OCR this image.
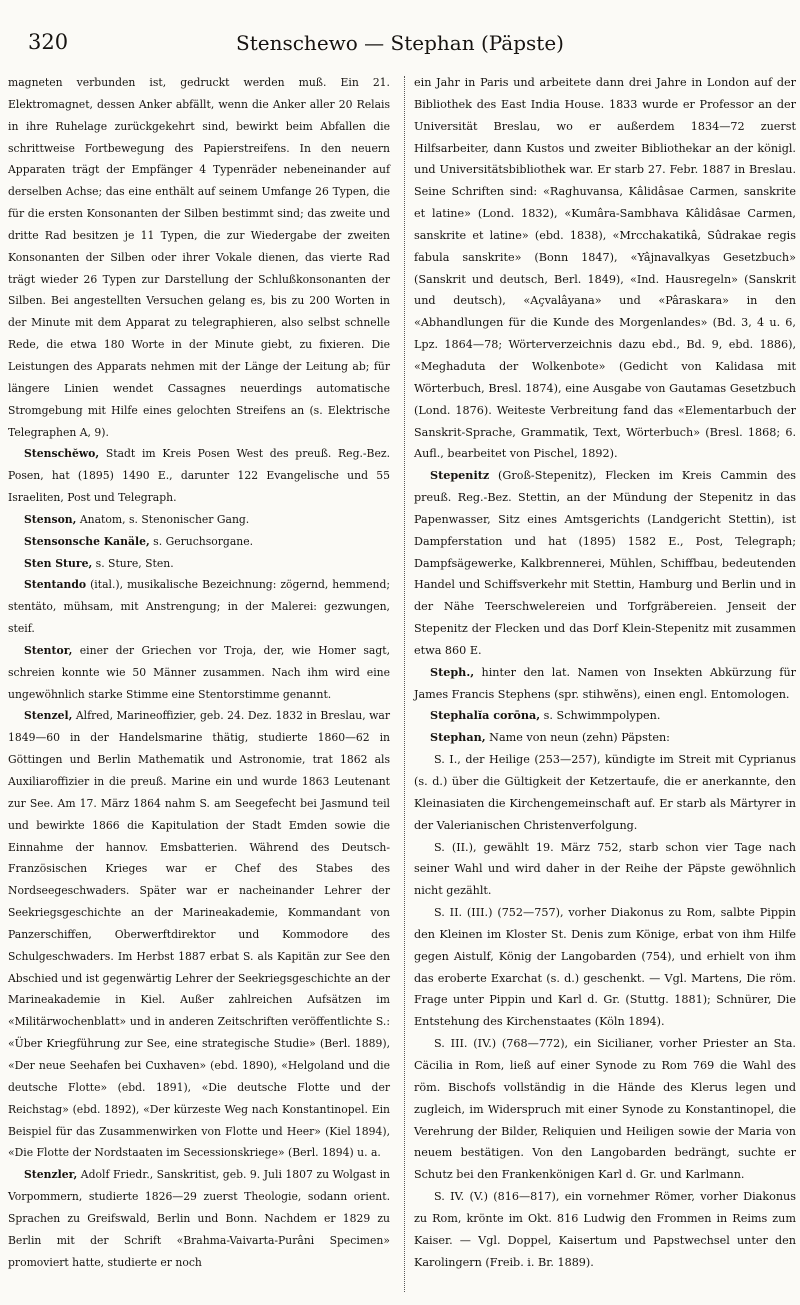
320	Stenschewo — Stephan (Päpste)

magneten verbunden ist, gedruckt werden muß. Ein 21. Elektromagnet, dessen Anker abfällt, wenn die Anker aller 20 Relais in ihre Ruhelage zurückgekehrt sind, bewirkt beim Abfallen die schrittweise Fortbewegung des Papierstreifens. In den neuern Apparaten trägt der Empfänger 4 Typenräder nebeneinander auf derselben Achse; das eine enthält auf seinem Umfange 26 Typen, die für die ersten Konsonanten der Silben bestimmt sind; das zweite und dritte Rad besitzen je 11 Typen, die zur Wiedergabe der zweiten Konsonanten der Silben oder ihrer Vokale dienen, das vierte Rad trägt wieder 26 Typen zur Darstellung der Schlußkonsonanten der Silben. Bei angestellten Versuchen gelang es, bis zu 200 Worten in der Minute mit dem Apparat zu telegraphieren, also selbst schnelle Rede, die etwa 180 Worte in der Minute giebt, zu fixieren. Die Leistungen des Apparats nehmen mit der Länge der Leitung ab; für längere Linien wendet Cassagnes neuerdings automatische Stromgebung mit Hilfe eines gelochten Streifens an (s. Elektrische Telegraphen A, 9).

Stenschĕwo, Stadt im Kreis Posen West des preuß. Reg.-Bez. Posen, hat (1895) 1490 E., darunter 122 Evangelische und 55 Israeliten, Post und Telegraph.

Stenson, Anatom, s. Stenonischer Gang.

Stensonsche Kanäle, s. Geruchsorgane.

Sten Sture, s. Sture, Sten.

Stentando (ital.), musikalische Bezeichnung: zögernd, hemmend; stentäto, mühsam, mit Anstrengung; in der Malerei: gezwungen, steif.

Stentor, einer der Griechen vor Troja, der, wie Homer sagt, schreien konnte wie 50 Männer zusammen. Nach ihm wird eine ungewöhnlich starke Stimme eine Stentorstimme genannt.

Stenzel, Alfred, Marineoffizier, geb. 24. Dez. 1832 in Breslau, war 1849—60 in der Handelsmarine thätig, studierte 1860—62 in Göttingen und Berlin Mathematik und Astronomie, trat 1862 als Auxiliaroffizier in die preuß. Marine ein und wurde 1863 Leutenant zur See. Am 17. März 1864 nahm S. am Seegefecht bei Jasmund teil und bewirkte 1866 die Kapitulation der Stadt Emden sowie die Einnahme der hannov. Emsbatterien. Während des Deutsch-Französischen Krieges war er Chef des Stabes des Nordseegeschwaders. Später war er nacheinander Lehrer der Seekriegsgeschichte an der Marineakademie, Kommandant von Panzerschiffen, Oberwerftdirektor und Kommodore des Schulgeschwaders. Im Herbst 1887 erbat S. als Kapitän zur See den Abschied und ist gegenwärtig Lehrer der Seekriegsgeschichte an der Marineakademie in Kiel. Außer zahlreichen Aufsätzen im «Militärwochenblatt» und in anderen Zeitschriften veröffentlichte S.: «Über Kriegführung zur See, eine strategische Studie» (Berl. 1889), «Der neue Seehafen bei Cuxhaven» (ebd. 1890), «Helgoland und die deutsche Flotte» (ebd. 1891), «Die deutsche Flotte und der Reichstag» (ebd. 1892), «Der kürzeste Weg nach Konstantinopel. Ein Beispiel für das Zusammenwirken von Flotte und Heer» (Kiel 1894), «Die Flotte der Nordstaaten im Secessionskriege» (Berl. 1894) u. a.

Stenzler, Adolf Friedr., Sanskritist, geb. 9. Juli 1807 zu Wolgast in Vorpommern, studierte 1826—29 zuerst Theologie, sodann orient. Sprachen zu Greifswald, Berlin und Bonn. Nachdem er 1829 zu Berlin mit der Schrift «Brahma-Vaivarta-Purâni Specimen» promoviert hatte, studierte er noch

ein Jahr in Paris und arbeitete dann drei Jahre in London auf der Bibliothek des East India House. 1833 wurde er Professor an der Universität Breslau, wo er außerdem 1834—72 zuerst Hilfsarbeiter, dann Kustos und zweiter Bibliothekar an der königl. und Universitätsbibliothek war. Er starb 27. Febr. 1887 in Breslau. Seine Schriften sind: «Raghuvansa, Kâlidâsae Carmen, sanskrite et latine» (Lond. 1832), «Kumâra-Sambhava Kâlidâsae Carmen, sanskrite et latine» (ebd. 1838), «Mrcchakatikâ, Sûdrakae regis fabula sanskrite» (Bonn 1847), «Yâjnavalkyas Gesetzbuch» (Sanskrit und deutsch, Berl. 1849), «Ind. Hausregeln» (Sanskrit und deutsch), «Açvalâyana» und «Pâraskara» in den «Abhandlungen für die Kunde des Morgenlandes» (Bd. 3, 4 u. 6, Lpz. 1864—78; Wörterverzeichnis dazu ebd., Bd. 9, ebd. 1886), «Meghaduta der Wolkenbote» (Gedicht von Kalidasa mit Wörterbuch, Bresl. 1874), eine Ausgabe von Gautamas Gesetzbuch (Lond. 1876). Weiteste Verbreitung fand das «Elementarbuch der Sanskrit-Sprache, Grammatik, Text, Wörterbuch» (Bresl. 1868; 6. Aufl., bearbeitet von Pischel, 1892).

Stepenitz (Groß-Stepenitz), Flecken im Kreis Cammin des preuß. Reg.-Bez. Stettin, an der Mündung der Stepenitz in das Papenwasser, Sitz eines Amtsgerichts (Landgericht Stettin), ist Dampferstation und hat (1895) 1582 E., Post, Telegraph; Dampfsägewerke, Kalkbrennerei, Mühlen, Schiffbau, bedeutenden Handel und Schiffsverkehr mit Stettin, Hamburg und Berlin und in der Nähe Teerschwelereien und Torfgräbereien. Jenseit der Stepenitz der Flecken und das Dorf Klein-Stepenitz mit zusammen etwa 860 E.

Steph., hinter den lat. Namen von Insekten Abkürzung für James Francis Stephens (spr. stihwĕns), einen engl. Entomologen.

Stephalĭa corōna, s. Schwimmpolypen.

Stephan, Name von neun (zehn) Päpsten:

S. I., der Heilige (253—257), kündigte im Streit mit Cyprianus (s. d.) über die Gültigkeit der Ketzertaufe, die er anerkannte, den Kleinasiaten die Kirchengemeinschaft auf. Er starb als Märtyrer in der Valerianischen Christenverfolgung.

S. (II.), gewählt 19. März 752, starb schon vier Tage nach seiner Wahl und wird daher in der Reihe der Päpste gewöhnlich nicht gezählt.

S. II. (III.) (752—757), vorher Diakonus zu Rom, salbte Pippin den Kleinen im Kloster St. Denis zum Könige, erbat von ihm Hilfe gegen Aistulf, König der Langobarden (754), und erhielt von ihm das eroberte Exarchat (s. d.) geschenkt. — Vgl. Martens, Die röm. Frage unter Pippin und Karl d. Gr. (Stuttg. 1881); Schnürer, Die Entstehung des Kirchenstaates (Köln 1894).

S. III. (IV.) (768—772), ein Sicilianer, vorher Priester an Sta. Cäcilia in Rom, ließ auf einer Synode zu Rom 769 die Wahl des röm. Bischofs vollständig in die Hände des Klerus legen und zugleich, im Widerspruch mit einer Synode zu Konstantinopel, die Verehrung der Bilder, Reliquien und Heiligen sowie der Maria von neuem bestätigen. Von den Langobarden bedrängt, suchte er Schutz bei den Frankenkönigen Karl d. Gr. und Karlmann.

S. IV. (V.) (816—817), ein vornehmer Römer, vorher Diakonus zu Rom, krönte im Okt. 816 Ludwig den Frommen in Reims zum Kaiser. — Vgl. Doppel, Kaisertum und Papstwechsel unter den Karolingern (Freib. i. Br. 1889).
